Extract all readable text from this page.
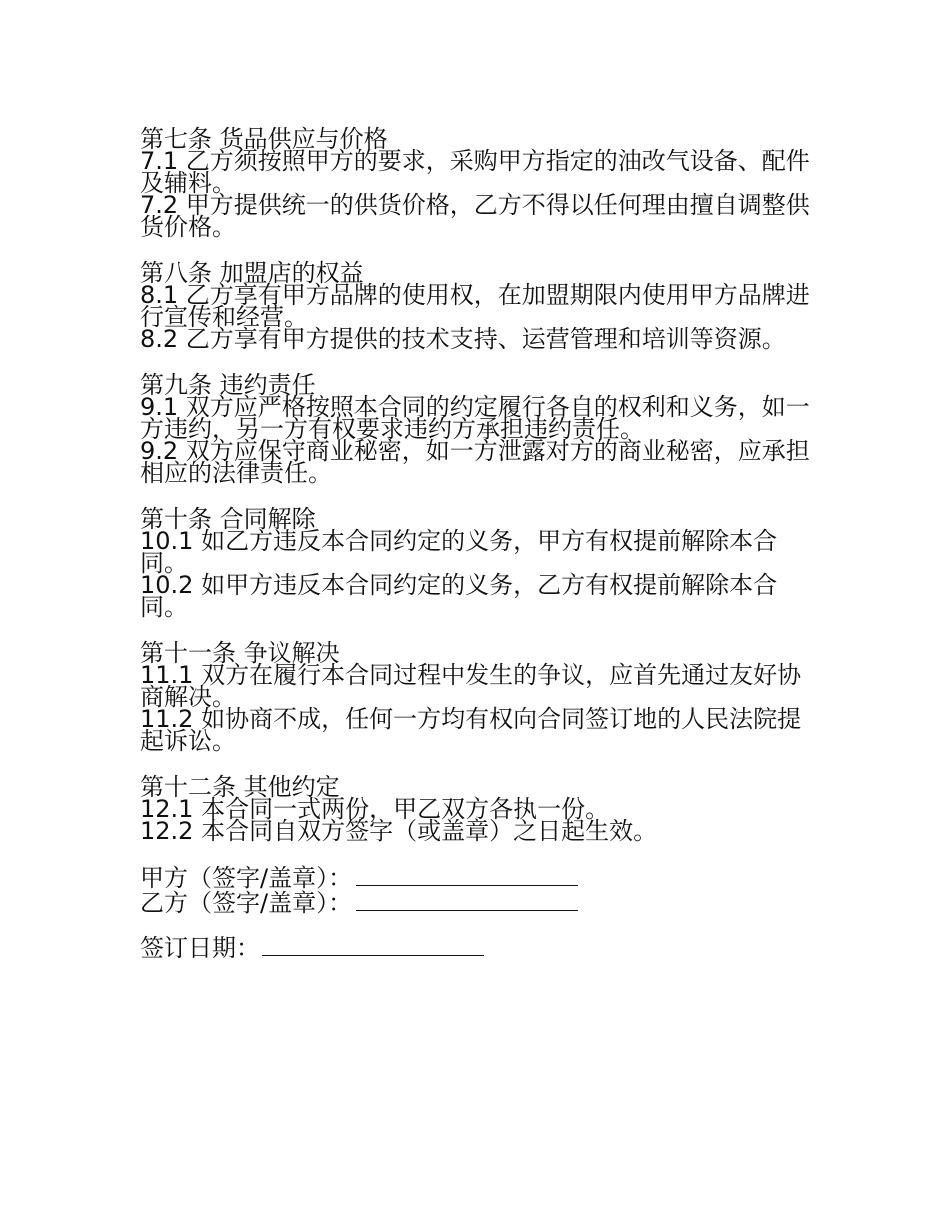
第七条 货品供应与价格
7.1 乙方须按照甲方的要求，采购甲方指定的油改气设备、配件及辅料。
7.2 甲方提供统一的供货价格，乙方不得以任何理由擅自调整供货价格。
第八条 加盟店的权益
8.1 乙方享有甲方品牌的使用权，在加盟期限内使用甲方品牌进行宣传和经营。
8.2 乙方享有甲方提供的技术支持、运营管理和培训等资源。
第九条 违约责任
9.1 双方应严格按照本合同的约定履行各自的权利和义务，如一方违约，另一方有权要求违约方承担违约责任。
9.2 双方应保守商业秘密，如一方泄露对方的商业秘密，应承担相应的法律责任。
第十条 合同解除
10.1 如乙方违反本合同约定的义务，甲方有权提前解除本合同。
10.2 如甲方违反本合同约定的义务，乙方有权提前解除本合同。
第十一条 争议解决
11.1 双方在履行本合同过程中发生的争议，应首先通过友好协商解决。
11.2 如协商不成，任何一方均有权向合同签订地的人民法院提起诉讼。
第十二条 其他约定
12.1 本合同一式两份，甲乙双方各执一份。
12.2 本合同自双方签字（或盖章）之日起生效。
甲方（签字/盖章）：
乙方（签字/盖章）：
签订日期：
